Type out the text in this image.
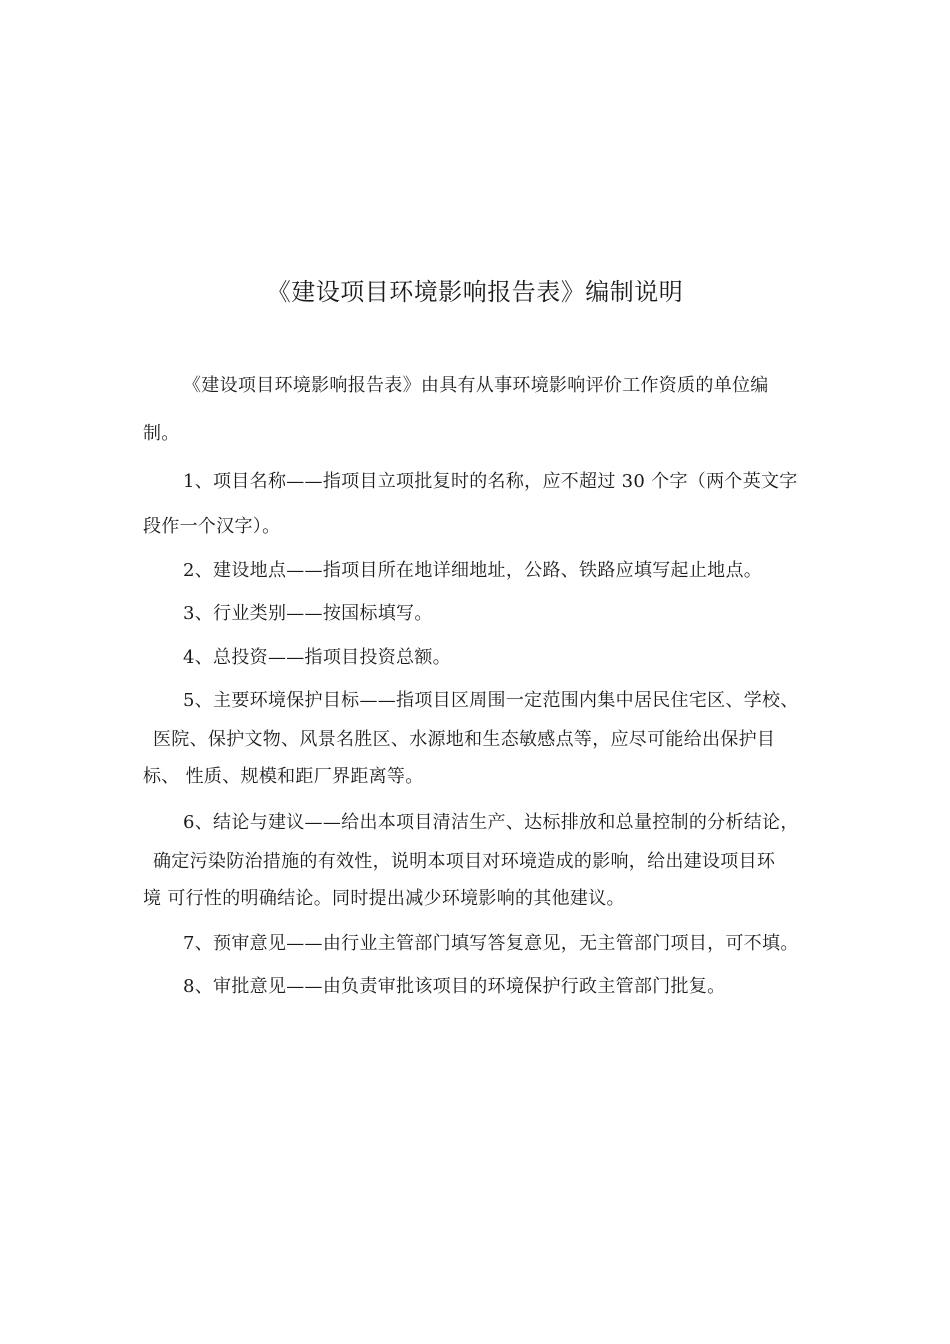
《建设项目环境影响报告表》编制说明
《建设项目环境影响报告表》由具有从事环境影响评价工作资质的单位编
制。
1、项目名称——指项目立项批复时的名称，应不超过 30 个字（两个英文字
段作一个汉字）。
2、建设地点——指项目所在地详细地址，公路、铁路应填写起止地点。
3、行业类别——按国标填写。
4、总投资——指项目投资总额。
5、主要环境保护目标——指项目区周围一定范围内集中居民住宅区、学校、
医院、保护文物、风景名胜区、水源地和生态敏感点等，应尽可能给出保护目
标、 性质、规模和距厂界距离等。
6、结论与建议——给出本项目清洁生产、达标排放和总量控制的分析结论，
确定污染防治措施的有效性，说明本项目对环境造成的影响，给出建设项目环
境 可行性的明确结论。同时提出减少环境影响的其他建议。
7、预审意见——由行业主管部门填写答复意见，无主管部门项目，可不填。
8、审批意见——由负责审批该项目的环境保护行政主管部门批复。
